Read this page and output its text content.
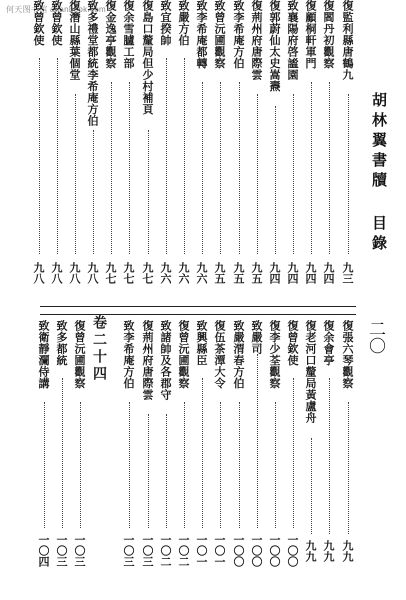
何天图书馆 atianbook.com
胡林翼書牘 目錄
二〇
復監利縣唐鶴九
九三
復閻丹初觀察
九四
復顧桐軒軍門
九四
致襄陽府啓謐園
九四
復郭蔚仙太史嵩燾
九四
復荊州府唐際雲
九五
致李希庵方伯
九五
致曾沅圃觀察
九五
致李希庵都轉
九六
致嚴方伯
九六
致宜揆帥
九六
復島口釐局但少村補頁
九七
復余雪臚工部
九七
復金逸亭觀察
九七
致多禮堂都統李希庵方伯
九八
復潛山縣葉個堂
九八
致曾欽使
九八
致曾欽使
九八
復張六琴觀察
九九
復余會亭
九九
復老河口釐局黃盧舟
九九
復曾欽使
一〇〇
復李少荃觀察
一〇〇
致嚴司
一〇〇
致嚴渭春方伯
一〇〇
復伍茶潭大令
一〇一
致興縣臣
一〇一
復曾沅圃觀察
一〇二
致諸帥及各郡守
一〇二
復荊州府唐際雲
一〇三
致李希庵方伯
一〇三
卷二十四
復曾沅圃觀察
一〇三
致多都統
一〇三
致衛靜瀾侍講
一〇四
